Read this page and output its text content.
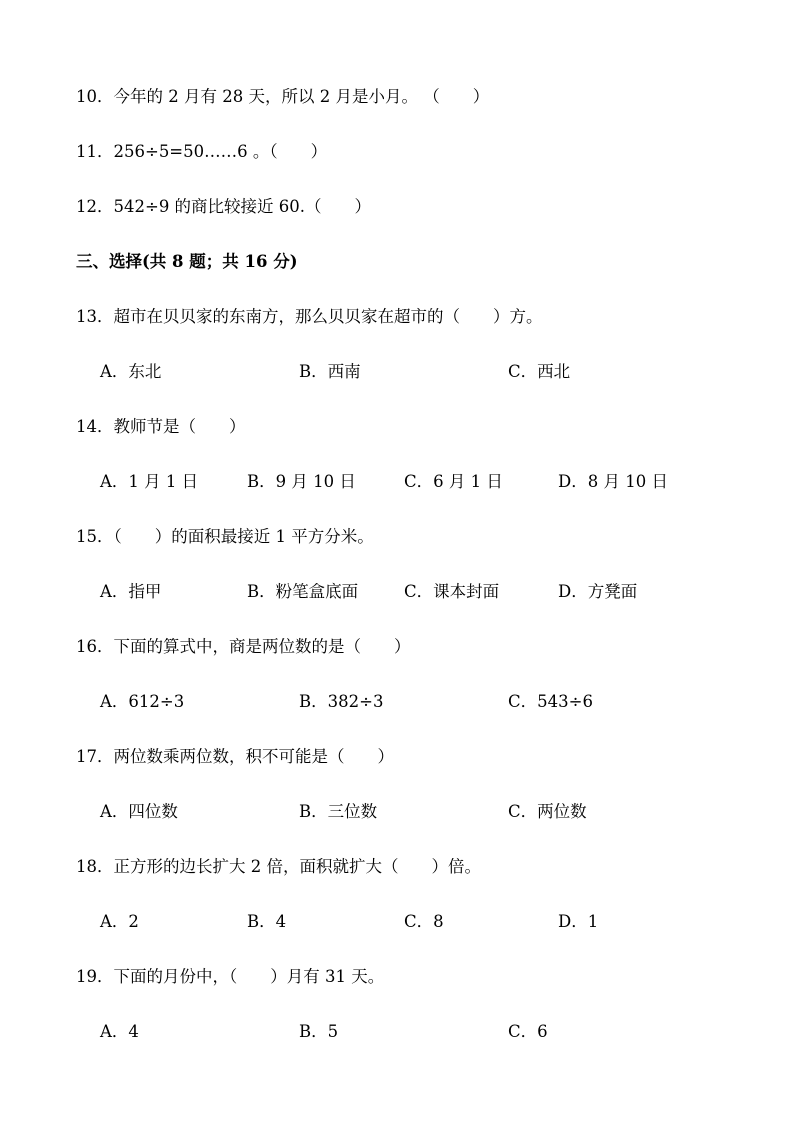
10．今年的 2 月有 28 天，所以 2 月是小月。 （　　）
11．256÷5=50……6 。（　　）
12．542÷9 的商比较接近 60.（　　）
三、选择(共 8 题；共 16 分)
13．超市在贝贝家的东南方，那么贝贝家在超市的（　　）方。
A．东北	B．西南	C．西北
14．教师节是（　　）
A．1 月 1 日	B．9 月 10 日	C．6 月 1 日	D．8 月 10 日
15．（　　）的面积最接近 1 平方分米。
A．指甲	B．粉笔盒底面	C．课本封面	D．方凳面
16．下面的算式中，商是两位数的是（　　）
A．612÷3	B．382÷3	C．543÷6
17．两位数乘两位数，积不可能是（　　）
A．四位数	B．三位数	C．两位数
18．正方形的边长扩大 2 倍，面积就扩大（　　）倍。
A．2	B．4	C．8	D．1
19．下面的月份中，（　　）月有 31 天。
A．4	B．5	C．6
